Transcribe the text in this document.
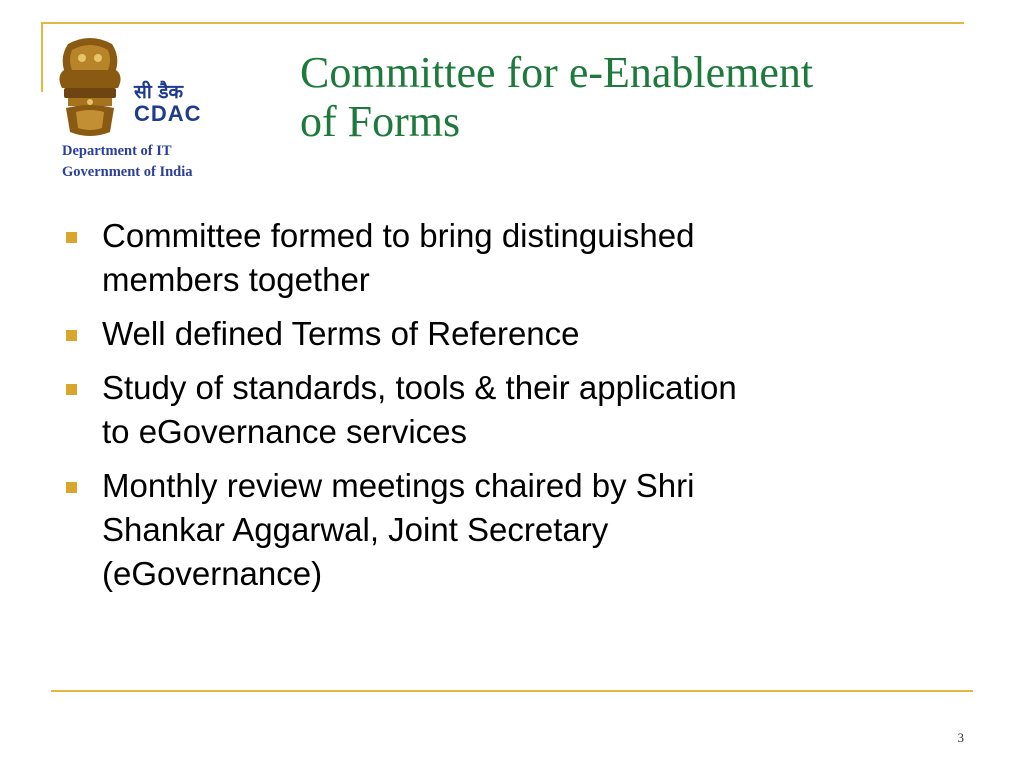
सी डैक
CDAC
Department of IT
Government of India
Committee for e-Enablement
of Forms
Committee formed to bring distinguished
members together
Well defined Terms of Reference
Study of standards, tools & their application
to eGovernance services
Monthly review meetings chaired by Shri
Shankar Aggarwal, Joint Secretary
(eGovernance)
3
